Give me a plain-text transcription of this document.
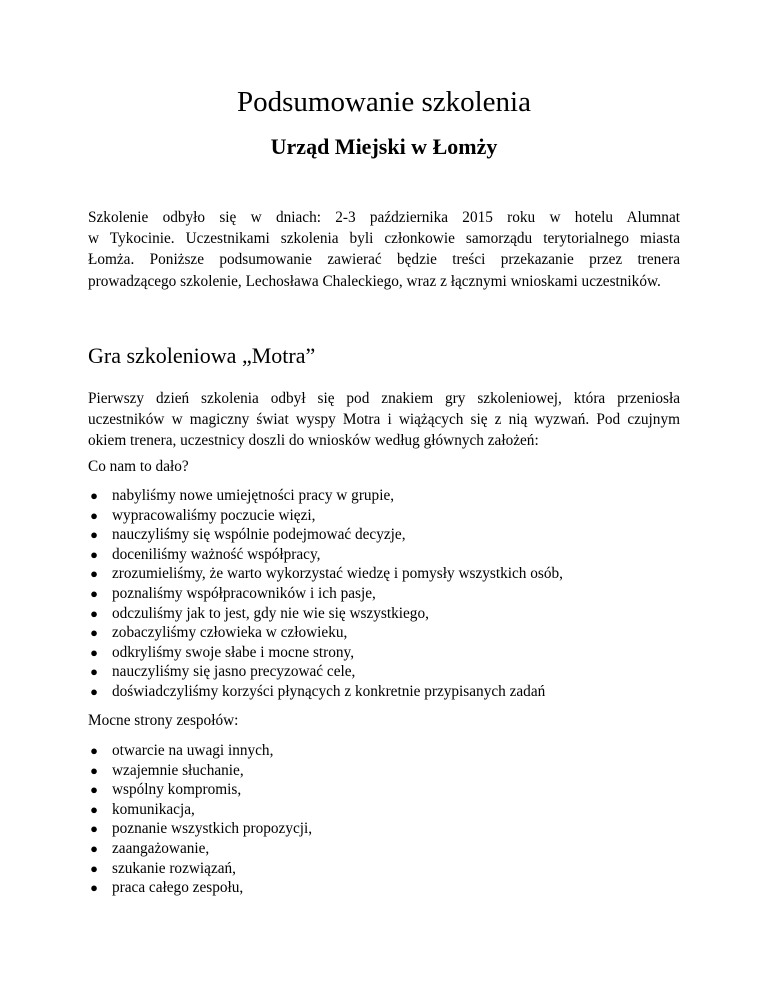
Podsumowanie szkolenia
Urząd Miejski w Łomży
Szkolenie odbyło się w dniach: 2-3 października 2015 roku w hotelu Alumnat
w Tykocinie. Uczestnikami szkolenia byli członkowie samorządu terytorialnego miasta
Łomża. Poniższe podsumowanie zawierać będzie treści przekazanie przez trenera
prowadzącego szkolenie, Lechosława Chaleckiego, wraz z łącznymi wnioskami uczestników.
Gra szkoleniowa „Motra”
Pierwszy dzień szkolenia odbył się pod znakiem gry szkoleniowej, która przeniosła
uczestników w magiczny świat wyspy Motra i wiążących się z nią wyzwań. Pod czujnym
okiem trenera, uczestnicy doszli do wniosków według głównych założeń:

Co nam to dało?

● nabyliśmy nowe umiejętności pracy w grupie,
● wypracowaliśmy poczucie więzi,
● nauczyliśmy się wspólnie podejmować decyzje,
● doceniliśmy ważność współpracy,
● zrozumieliśmy, że warto wykorzystać wiedzę i pomysły wszystkich osób,
● poznaliśmy współpracowników i ich pasje,
● odczuliśmy jak to jest, gdy nie wie się wszystkiego,
● zobaczyliśmy człowieka w człowieku,
● odkryliśmy swoje słabe i mocne strony,
● nauczyliśmy się jasno precyzować cele,
● doświadczyliśmy korzyści płynących z konkretnie przypisanych zadań

Mocne strony zespołów:

● otwarcie na uwagi innych,
● wzajemnie słuchanie,
● wspólny kompromis,
● komunikacja,
● poznanie wszystkich propozycji,
● zaangażowanie,
● szukanie rozwiązań,
● praca całego zespołu,
